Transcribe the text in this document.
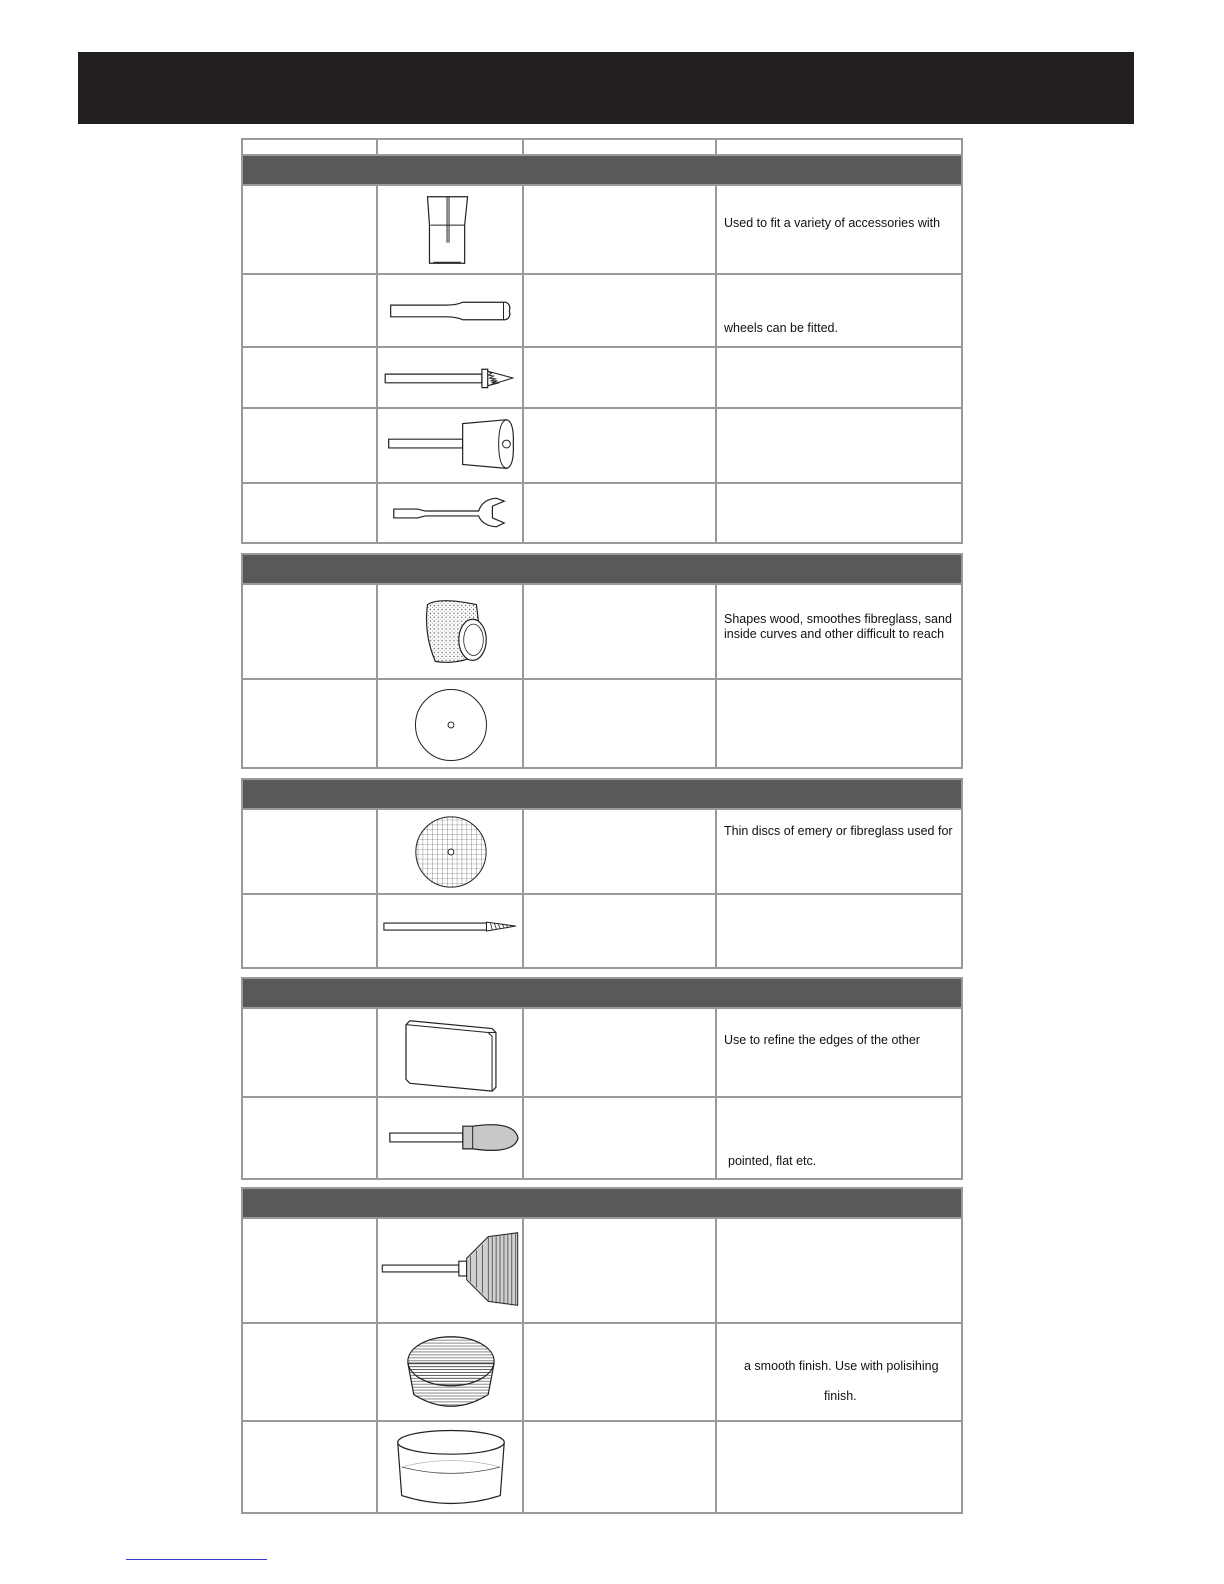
Used to fit a variety of accessories with
wheels can be fitted.
Shapes wood, smoothes fibreglass, sand
inside curves and other difficult to reach
Thin discs of emery or fibreglass used for
Use to refine the edges of the other
pointed, flat etc.
a smooth finish. Use with polisihing
finish.
